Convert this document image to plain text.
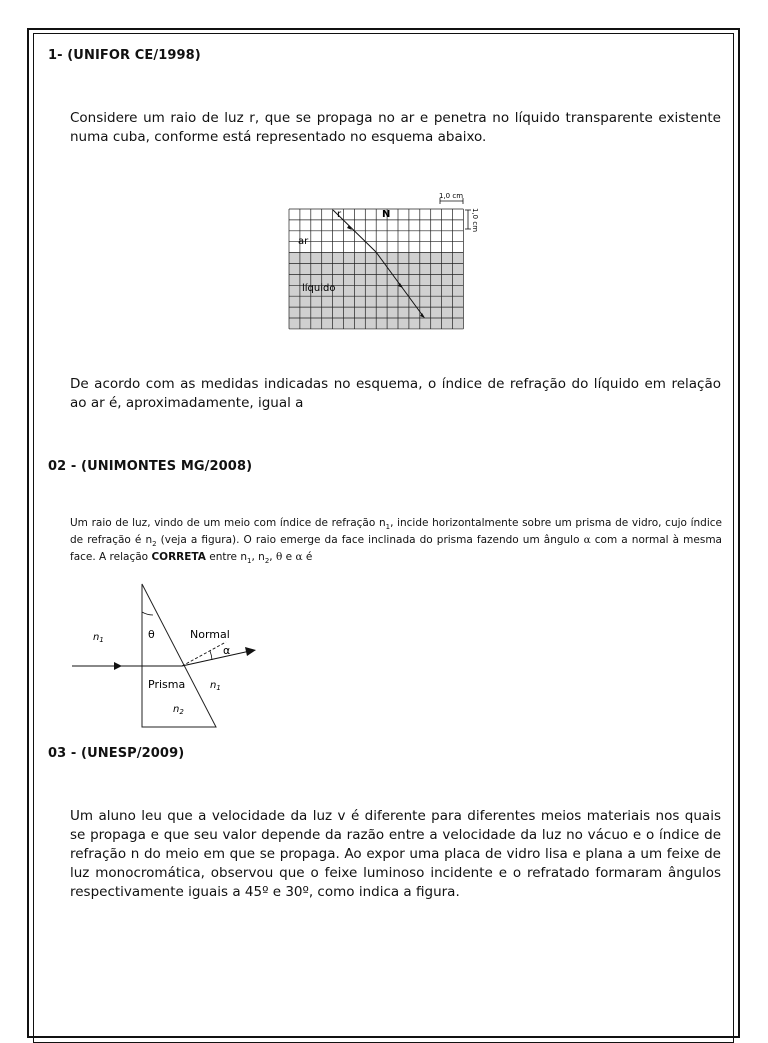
1- (UNIFOR CE/1998)
Considere um raio de luz r, que se propaga no ar e penetra no líquido transparente existente numa cuba, conforme está representado no esquema abaixo.
1,0 cm
1,0 cm
r	N
ar
líquido
De acordo com as medidas indicadas no esquema, o índice de refração do líquido em relação ao ar é, aproximadamente, igual a
02 - (UNIMONTES MG/2008)
Um raio de luz, vindo de um meio com índice de refração $n_1$, incide horizontalmente sobre um prisma de vidro, cujo índice de refração é $n_2$ (veja a figura). O raio emerge da face inclinada do prisma fazendo um ângulo α com a normal à mesma face. A relação CORRETA entre $n_1$, $n_2$, θ e α é
$n_1$	θ	Normal
α
Prisma $n_1$
$n_2$
03 - (UNESP/2009)
Um aluno leu que a velocidade da luz v é diferente para diferentes meios materiais nos quais se propaga e que seu valor depende da razão entre a velocidade da luz no vácuo e o índice de refração n do meio em que se propaga. Ao expor uma placa de vidro lisa e plana a um feixe de luz monocromática, observou que o feixe luminoso incidente e o refratado formaram ângulos respectivamente iguais a 45º e 30º, como indica a figura.
